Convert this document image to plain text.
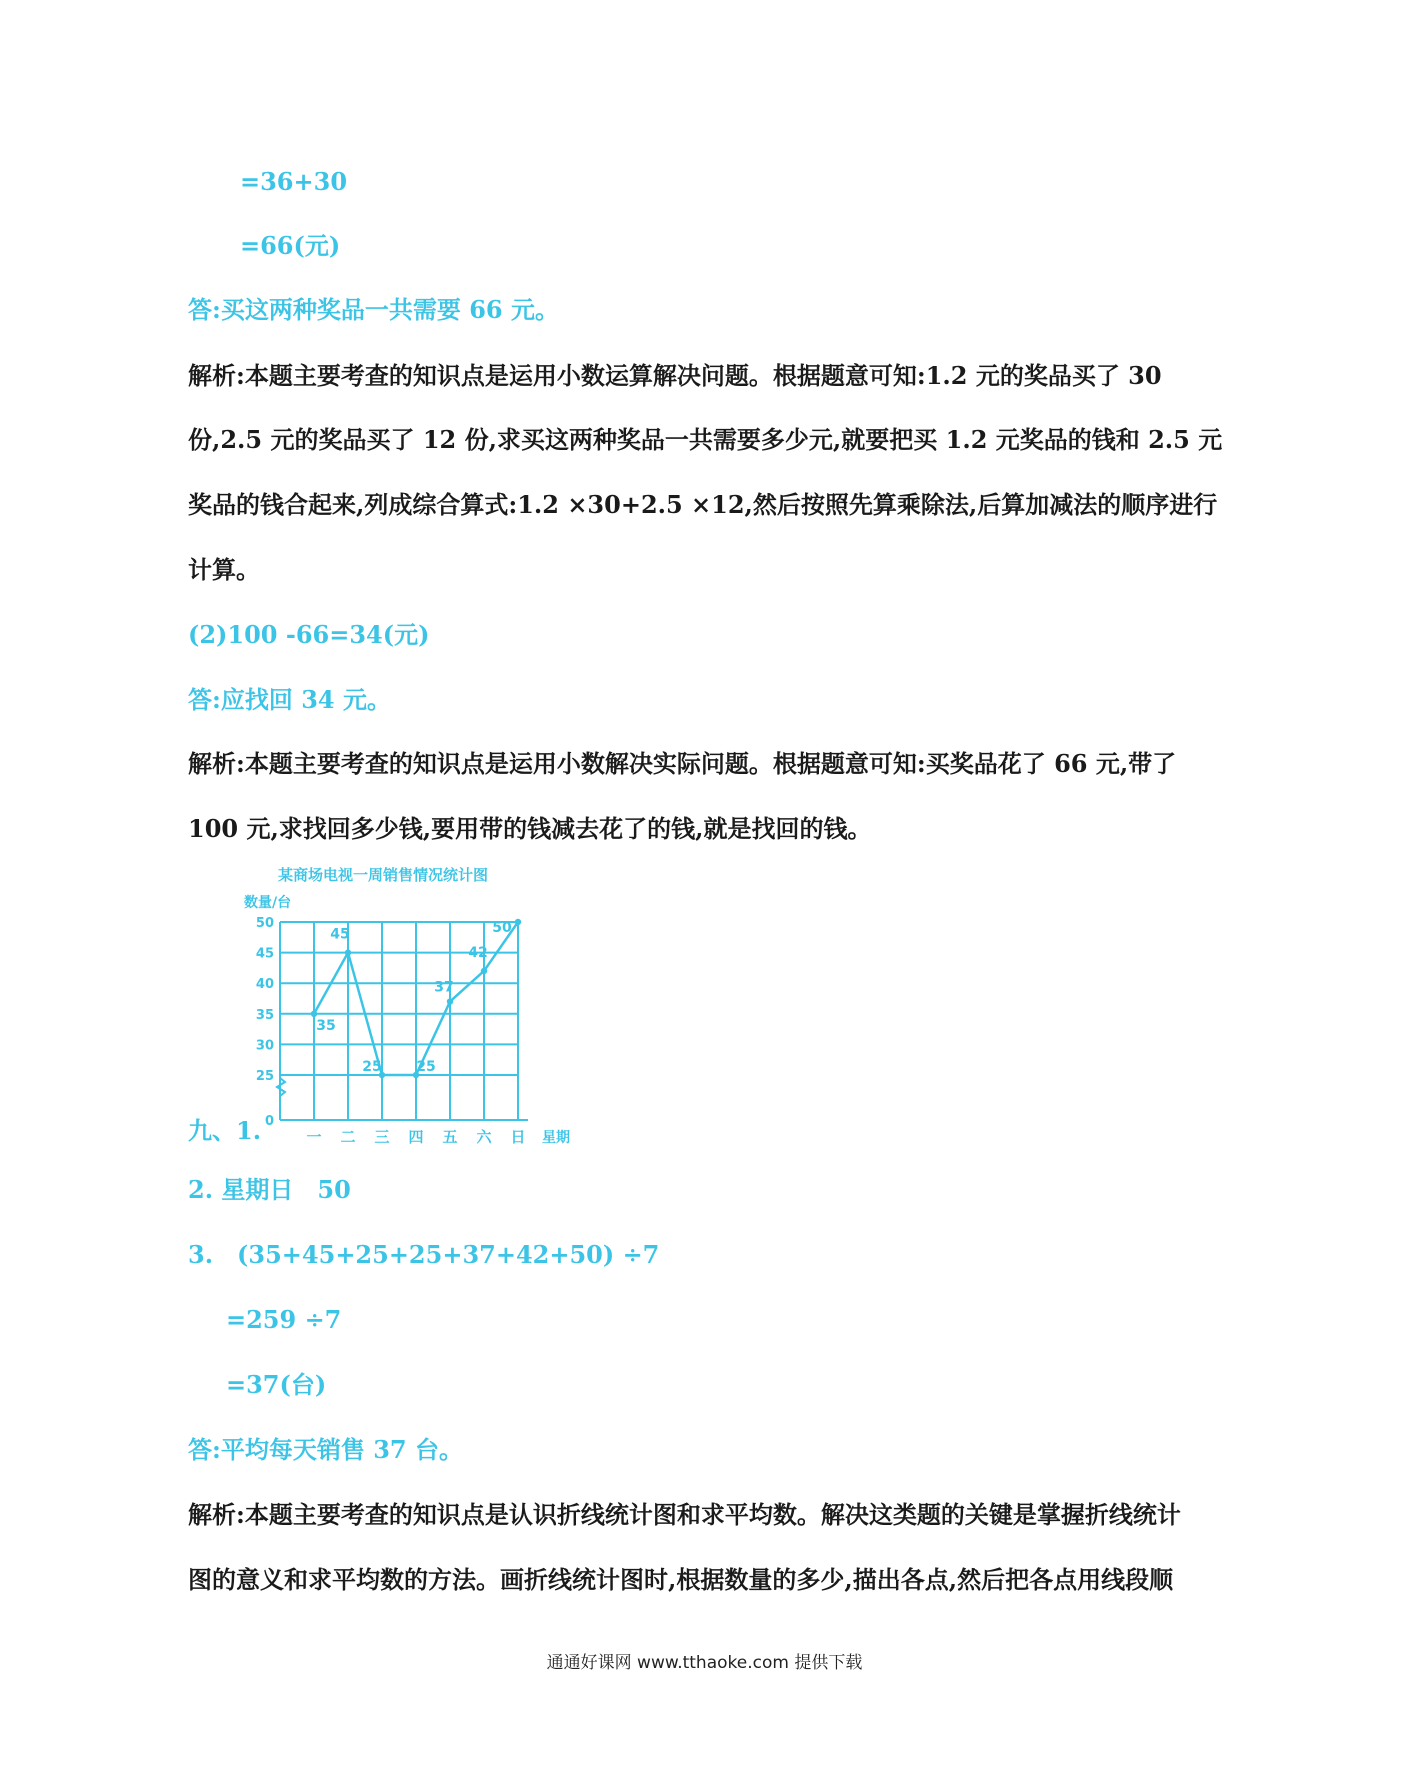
=36+30
=66(元)
答:买这两种奖品一共需要 66 元。
解析:本题主要考查的知识点是运用小数运算解决问题。根据题意可知:1.2 元的奖品买了 30
份,2.5 元的奖品买了 12 份,求买这两种奖品一共需要多少元,就要把买 1.2 元奖品的钱和 2.5 元
奖品的钱合起来,列成综合算式:1.2 ×30+2.5 ×12,然后按照先算乘除法,后算加减法的顺序进行
计算。
(2)100 -66=34(元)
答:应找回 34 元。
解析:本题主要考查的知识点是运用小数解决实际问题。根据题意可知:买奖品花了 66 元,带了
100 元,求找回多少钱,要用带的钱减去花了的钱,就是找回的钱。
某商场电视一周销售情况统计图
数量/台
0
25
30
35
40
45
50
一 二 三 四 五 六 日 星期
35
45
25 25
37
42
50
九、1.
2. 星期日　50
3.　(35+45+25+25+37+42+50) ÷7
=259 ÷7
=37(台)
答:平均每天销售 37 台。
解析:本题主要考查的知识点是认识折线统计图和求平均数。解决这类题的关键是掌握折线统计
图的意义和求平均数的方法。画折线统计图时,根据数量的多少,描出各点,然后把各点用线段顺
通通好课网 www.tthaoke.com 提供下载
